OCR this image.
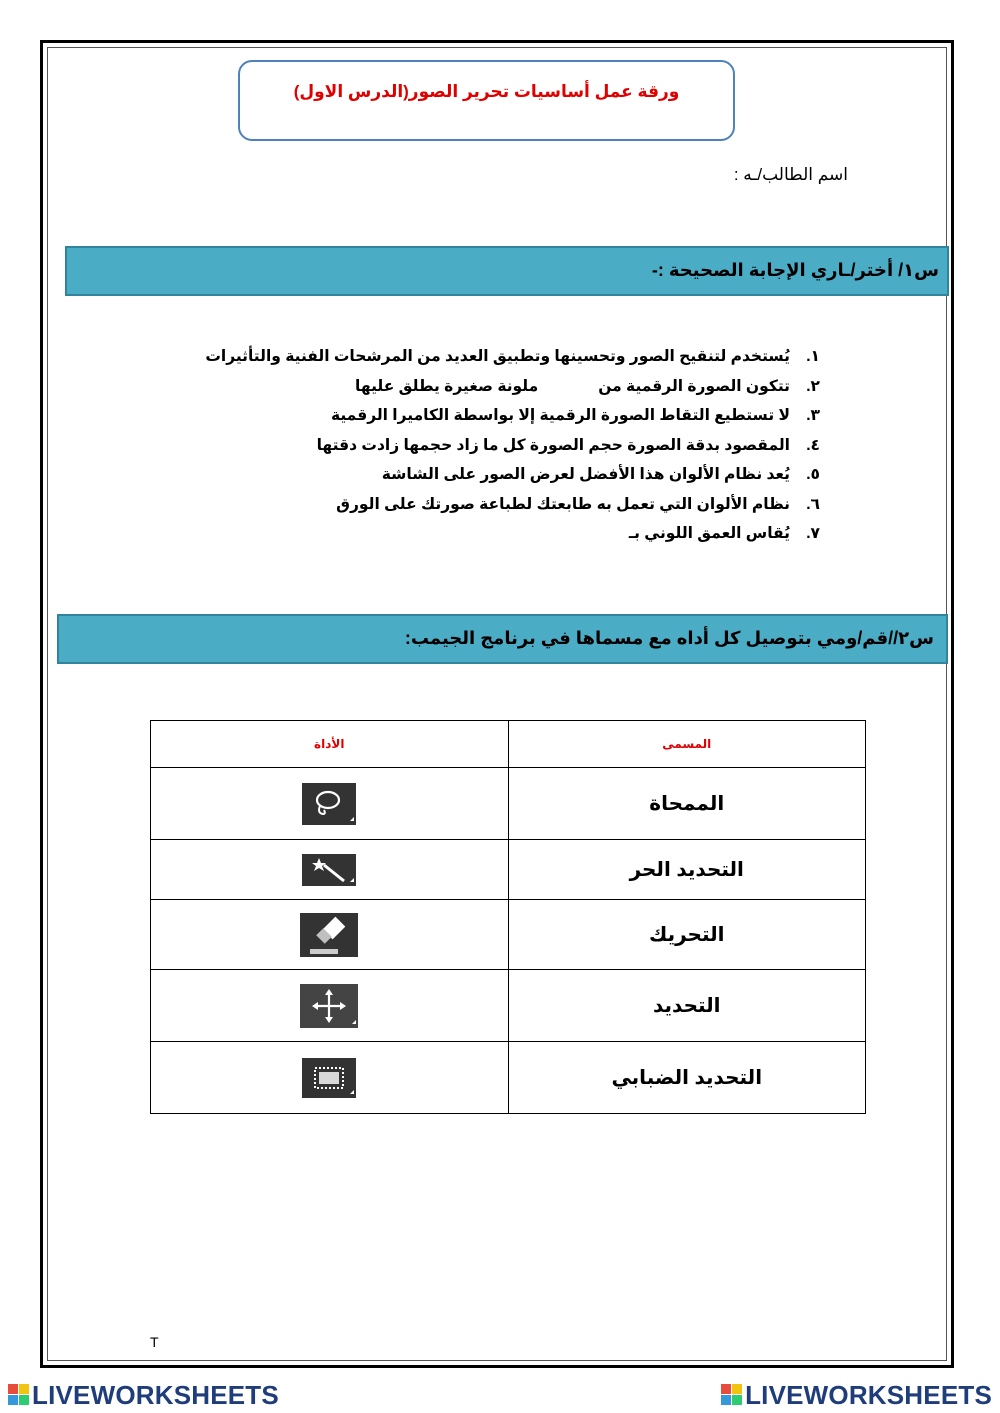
ورقة عمل أساسيات تحرير الصور(الدرس الاول)
اسم الطالب/ـه :
س١/ أختر/ـاري الإجابة الصحيحة :-
١.يُستخدم لتنقيح الصور وتحسينها وتطبيق العديد من المرشحات الفنية والتأثيرات
٢.تتكون الصورة الرقمية منملونة صغيرة يطلق عليها
٣.لا تستطيع التقاط الصورة الرقمية إلا بواسطة الكاميرا الرقمية
٤.المقصود بدقة الصورة حجم الصورة كل ما زاد حجمها زادت دقتها
٥.يُعد نظام الألوان هذا الأفضل لعرض الصور على الشاشة
٦.نظام الألوان التي تعمل به طابعتك لطباعة صورتك على الورق
٧.يُقاس العمق اللوني بـ
س٢//قم/ومي بتوصيل كل أداه مع مسماها في برنامج الجيمب:
المسمى	الأداة
الممحاة	

التحديد الحر	

التحريك	

التحديد	

التحديد الضبابي	
T
LIVEWORKSHEETS	LIVEWORKSHEETS
